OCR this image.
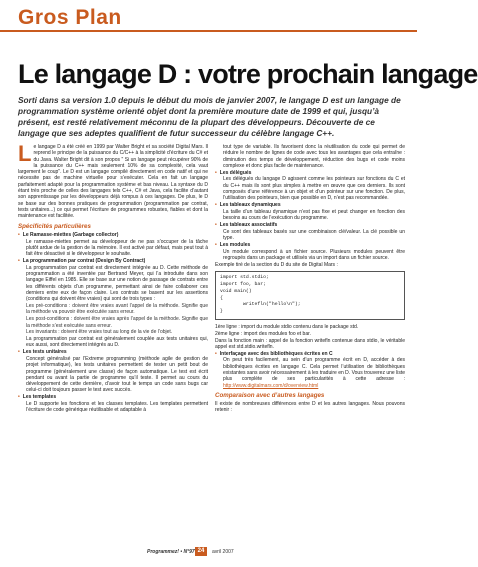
Gros Plan
Le langage D : votre prochain langage
Sorti dans sa version 1.0 depuis le début du mois de janvier 2007, le langage D est un langage de programmation système orienté objet dont la première mouture date de 1999 et qui, jusqu’à présent, est resté relativement méconnu de la plupart des développeurs. Découverte de ce langage que ses adeptes qualifient de futur successeur du célèbre langage C++.
Le langage D a été créé en 1999 par Walter Bright et sa société Digital Mars. Il reprend le principe de la puissance du C/C++ à la simplicité d’écriture du C# et du Java. Walter Bright dit à son propos " Si un langage peut récupérer 90% de la puissance du C++ mais seulement 10% de sa complexité, cela vaut largement le coup". Le D est un langage compilé directement en code natif et qui ne nécessite pas de machine virtuelle pour s’exécuter. Cela en fait un langage parfaitement adapté pour la programmation système et bas niveau. La syntaxe du D étant très proche de celles des langages tels C++, C# et Java, cela facilite d’autant son apprentissage par les développeurs déjà rompus à ces langages. De plus, le D se base sur des bonnes pratiques de programmation (programmation par contrat, tests unitaires...) ce qui permet l’écriture de programmes robustes, fiables et dont la maintenance est facilitée.
Spécificités particulières
• Le Ramasse-miettes (Garbage collector)
Le ramasse-miettes permet au développeur de ne pas s’occuper de la tâche plutôt ardue de la gestion de la mémoire. Il est activé par défaut, mais peut tout à fait être désactivé si le développeur le souhaite.
• La programmation par contrat (Design By Contract)
La programmation par contrat est directement intégrée au D. Cette méthode de programmation a été inventée par Bertrand Meyer, qui l’a introduite dans son langage Eiffel en 1985. Elle se base sur une notion de passage de contrats entre les différents objets d’un programme, permettant ainsi de faire collaborer ces derniers entre eux de façon claire. Les contrats se basent sur les assertions (conditions qui doivent être vraies) qui sont de trois types :
Les pré-conditions : doivent être vraies avant l’appel de la méthode. Signifie que la méthode va pouvoir être exécutée sans erreur.
Les post-conditions : doivent être vraies après l’appel de la méthode. Signifie que la méthode s’est exécutée sans erreur.
Les invariants : doivent être vraies tout au long de la vie de l’objet.
La programmation par contrat est généralement couplée aux tests unitaires qui, eux aussi, sont directement intégrés au D.
• Les tests unitaires
Concept généralisé par l’Extreme programming (méthode agile de gestion de projet informatique), les tests unitaires permettent de tester un petit bout de programme (généralement une classe) de façon automatique. Le test est écrit pendant ou avant la partie de programme qu’il teste. Il permet au cours du développement de cette dernière, d’avoir tout le temps un code sans bugs car celui-ci doit toujours passer le test avec succès.
• Les templates
Le D supporte les fonctions et les classes templates. Les templates permettent l’écriture de code générique réutilisable et adaptable à
tout type de variable. Ils favorisent donc la réutilisation du code qui permet de réduire le nombre de lignes de code avec tous les avantages que cela entraîne : diminution des temps de développement, réduction des bugs et code moins complexe et donc plus facile de maintenance.
• Les délégués
Les délégués du langage D agissent comme les pointeurs sur fonctions du C et du C++ mais ils sont plus simples à mettre en œuvre que ces derniers. Ils sont composés d’une référence à un objet et d’un pointeur sur une fonction. De plus, l’utilisation des pointeurs, bien que possible en D, n’est pas recommandée.
• Les tableaux dynamiques
La taille d’un tableau dynamique n’est pas fixe et peut changer en fonction des besoins au cours de l’exécution du programme.
• Les tableaux associatifs
Ce sont des tableaux basés sur une combinaison clé/valeur. La clé possible un type.
• Les modules
Un module correspond à un fichier source. Plusieurs modules peuvent être regroupés dans un package et utilisés via un import dans un fichier source.
Exemple tiré de la section du D du site de Digital Mars :
import std.stdio;
import foo, bar;
void main()
{
writefln("hello\n");
}
1ère ligne : import du module stdio contenu dans le package std.
2ème ligne : import des modules foo et bar.
Dans la fonction main : appel de la fonction writefln contenue dans stdio, le véritable appel est std.stdio.writefln.
• Interfaçage avec des bibliothèques écrites en C
On peut très facilement, au sein d’un programme écrit en D, accéder à des bibliothèques écrites en langage C. Cela permet l’utilisation de bibliothèques existantes sans avoir nécessairement à les traduire en D. Vous trouverez une liste plus complète de ses particularités à cette adresse : http://www.digitalmars.com/d/overview.html
Comparaison avec d’autres langages
Il existe de nombreuses différences entre D et les autres langages. Nous pouvons retenir :
Programmez! • N°97 24	avril 2007
